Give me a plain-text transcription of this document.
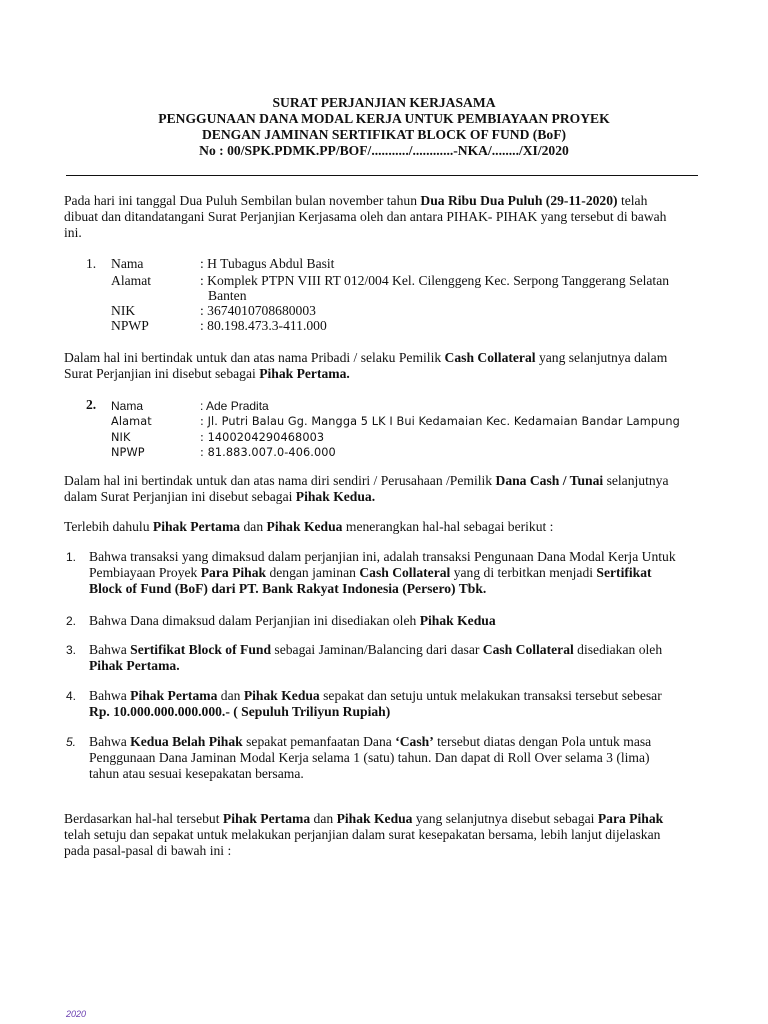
SURAT PERJANJIAN KERJASAMA
PENGGUNAAN DANA MODAL KERJA UNTUK PEMBIAYAAN PROYEK
DENGAN JAMINAN SERTIFIKAT BLOCK OF FUND (BoF)
No : 00/SPK.PDMK.PP/BOF/.........../............-NKA/......../XI/2020
Pada hari ini tanggal Dua Puluh Sembilan bulan november tahun Dua Ribu Dua Puluh (29-11-2020) telah
dibuat dan ditandatangani Surat Perjanjian Kerjasama oleh dan antara PIHAK- PIHAK yang tersebut di bawah
ini.
1. Nama	: H Tubagus Abdul Basit
Alamat	: Komplek PTPN VIII RT 012/004 Kel. Cilenggeng Kec. Serpong Tanggerang Selatan
Banten
NIK	: 3674010708680003
NPWP	: 80.198.473.3-411.000
Dalam hal ini bertindak untuk dan atas nama Pribadi / selaku Pemilik Cash Collateral yang selanjutnya dalam
Surat Perjanjian ini disebut sebagai Pihak Pertama.
2. Nama	: Ade Pradita
Alamat	: Jl. Putri Balau Gg. Mangga 5 LK I Bui Kedamaian Kec. Kedamaian Bandar Lampung
NIK	: 1400204290468003
NPWP	: 81.883.007.0-406.000
Dalam hal ini bertindak untuk dan atas nama diri sendiri / Perusahaan /Pemilik Dana Cash / Tunai selanjutnya
dalam Surat Perjanjian ini disebut sebagai Pihak Kedua.
Terlebih dahulu Pihak Pertama dan Pihak Kedua menerangkan hal-hal sebagai berikut :
1. Bahwa transaksi yang dimaksud dalam perjanjian ini, adalah transaksi Pengunaan Dana Modal Kerja Untuk
Pembiayaan Proyek Para Pihak dengan jaminan Cash Collateral yang di terbitkan menjadi Sertifikat
Block of Fund (BoF) dari PT. Bank Rakyat Indonesia (Persero) Tbk.
2. Bahwa Dana dimaksud dalam Perjanjian ini disediakan oleh Pihak Kedua
3. Bahwa Sertifikat Block of Fund sebagai Jaminan/Balancing dari dasar Cash Collateral disediakan oleh
Pihak Pertama.
4. Bahwa Pihak Pertama dan Pihak Kedua sepakat dan setuju untuk melakukan transaksi tersebut sebesar
Rp. 10.000.000.000.000.- ( Sepuluh Triliyun Rupiah)
5. Bahwa Kedua Belah Pihak sepakat pemanfaatan Dana ‘Cash’ tersebut diatas dengan Pola untuk masa
Penggunaan Dana Jaminan Modal Kerja selama 1 (satu) tahun. Dan dapat di Roll Over selama 3 (lima)
tahun atau sesuai kesepakatan bersama.
Berdasarkan hal-hal tersebut Pihak Pertama dan Pihak Kedua yang selanjutnya disebut sebagai Para Pihak
telah setuju dan sepakat untuk melakukan perjanjian dalam surat kesepakatan bersama, lebih lanjut dijelaskan
pada pasal-pasal di bawah ini :
2020
